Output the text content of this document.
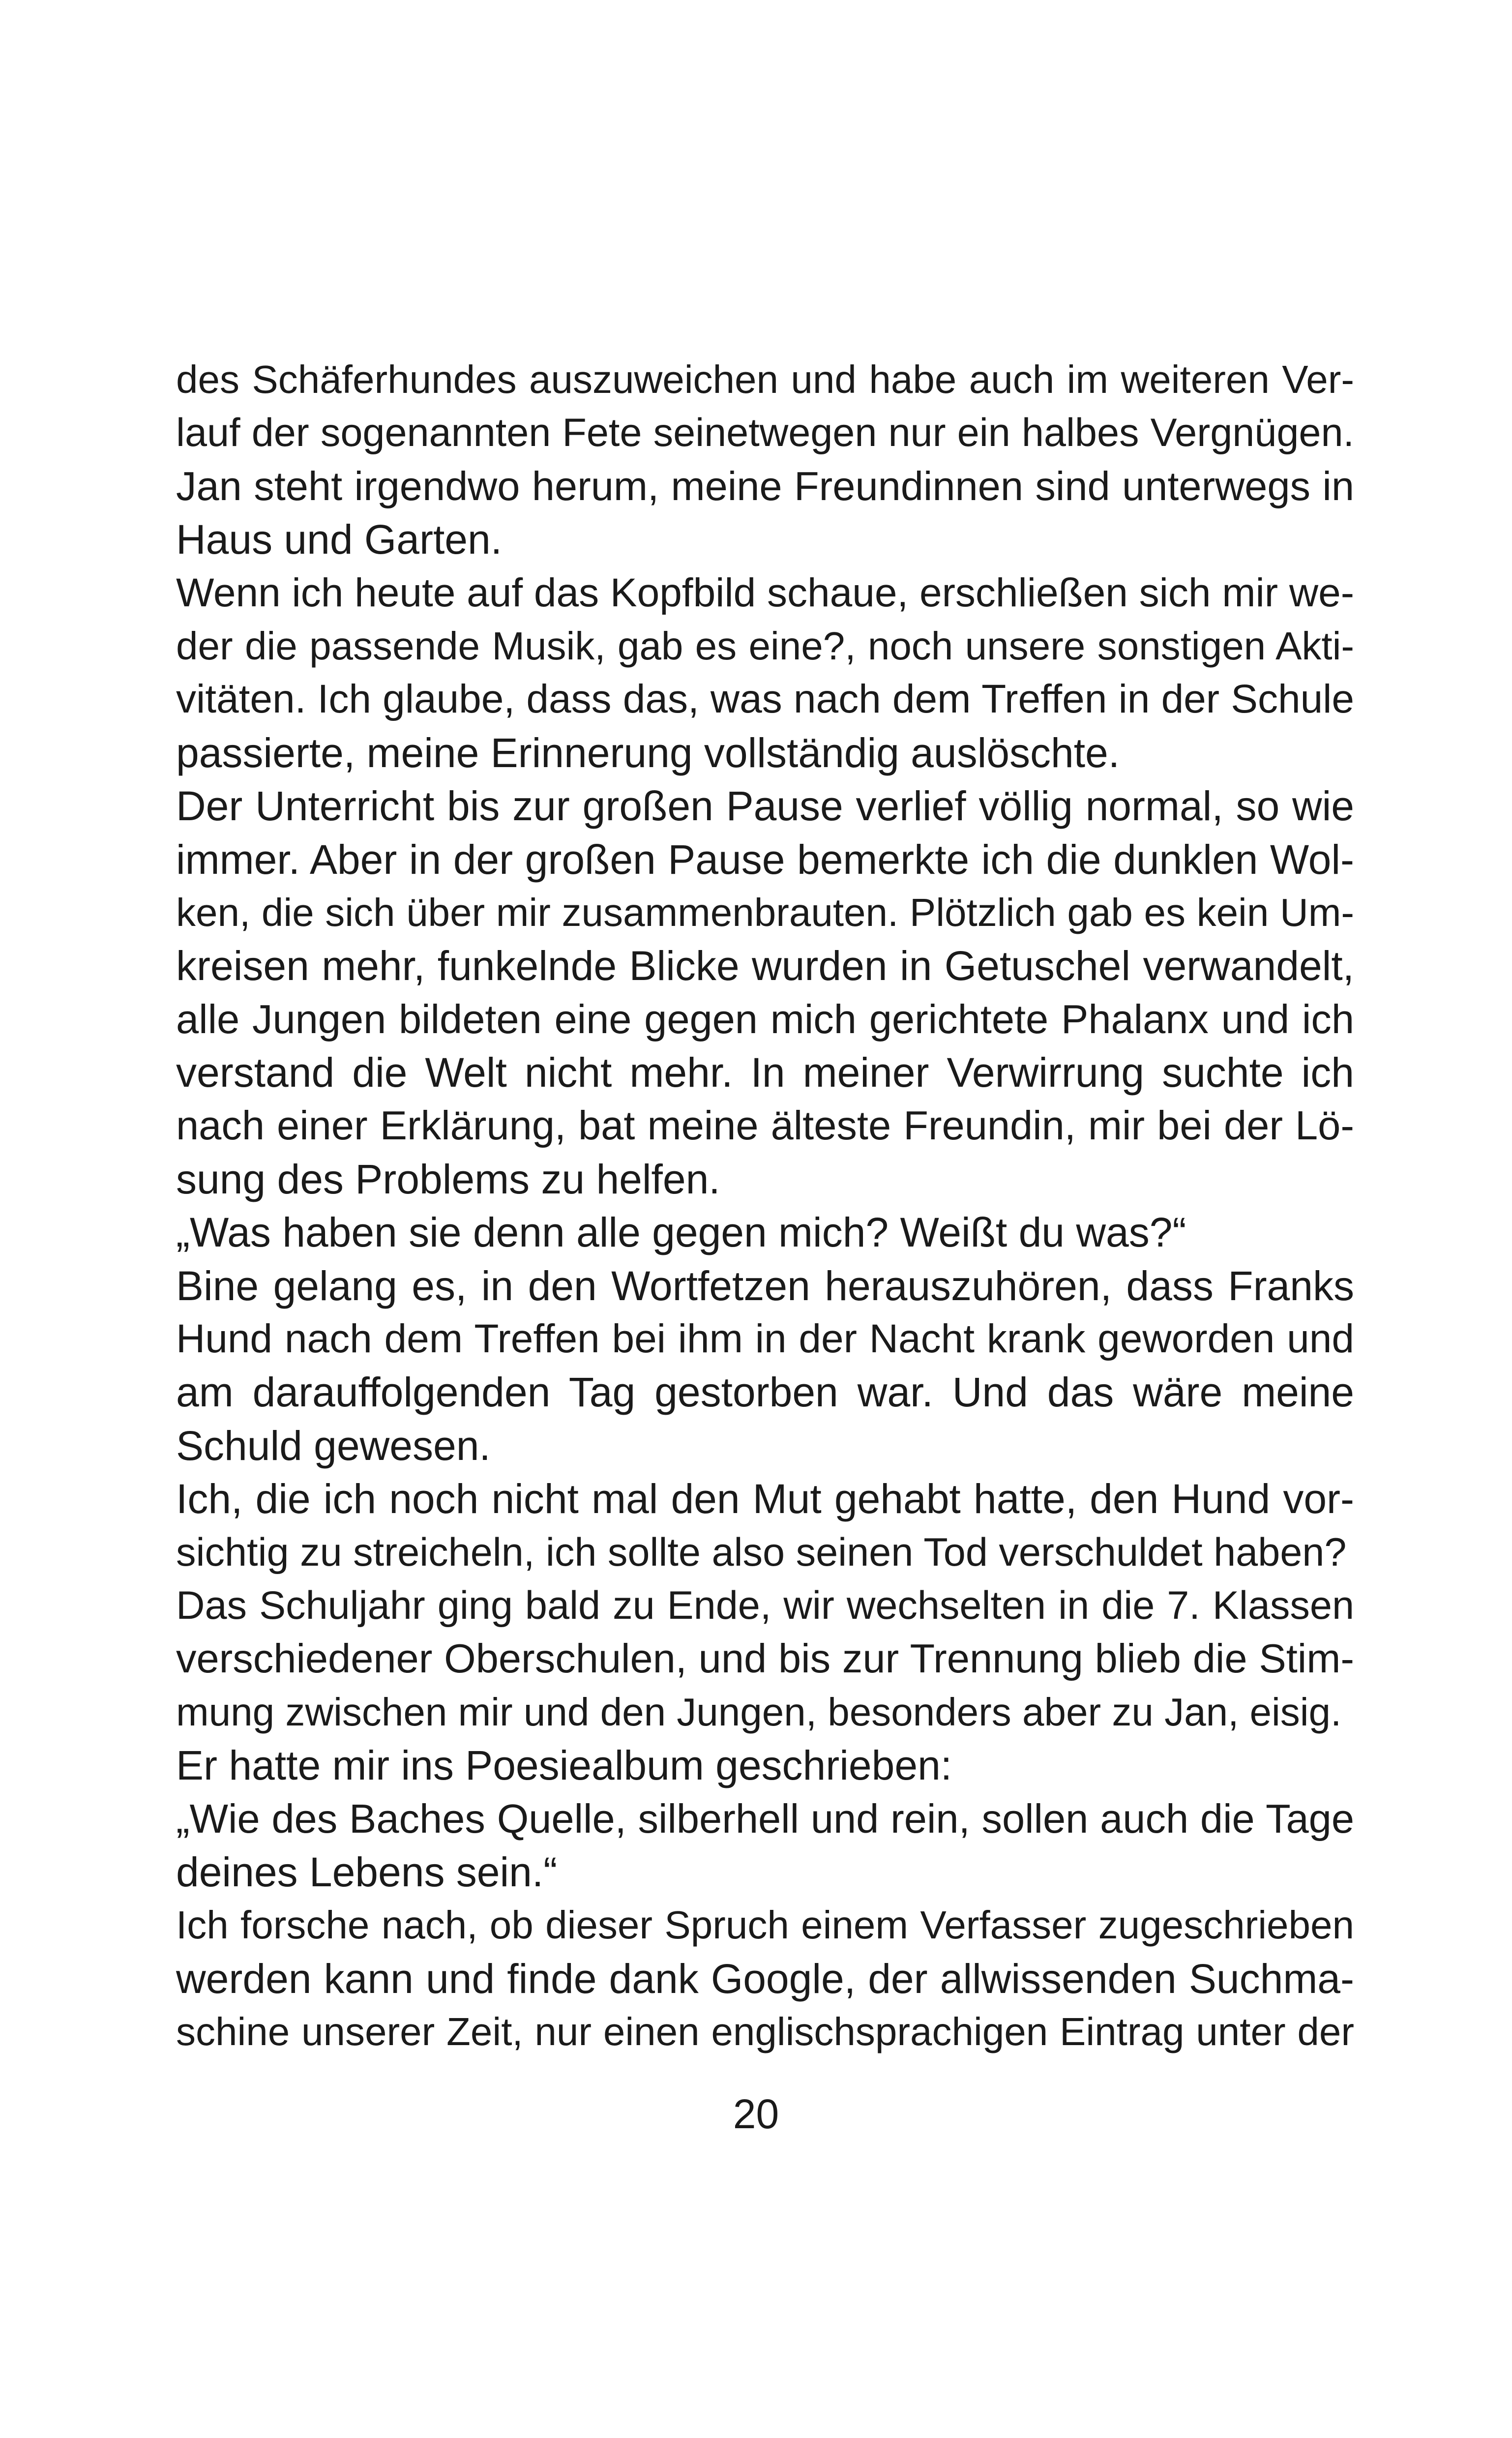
des Schäferhundes auszuweichen und habe auch im weiteren Ver-
lauf der sogenannten Fete seinetwegen nur ein halbes Vergnügen.
Jan steht irgendwo herum, meine Freundinnen sind unterwegs in
Haus und Garten.
Wenn ich heute auf das Kopfbild schaue, erschließen sich mir we-
der die passende Musik, gab es eine?, noch unsere sonstigen Akti-
vitäten. Ich glaube, dass das, was nach dem Treffen in der Schule
passierte, meine Erinnerung vollständig auslöschte.
Der Unterricht bis zur großen Pause verlief völlig normal, so wie
immer. Aber in der großen Pause bemerkte ich die dunklen Wol-
ken, die sich über mir zusammenbrauten. Plötzlich gab es kein Um-
kreisen mehr, funkelnde Blicke wurden in Getuschel verwandelt,
alle Jungen bildeten eine gegen mich gerichtete Phalanx und ich
verstand die Welt nicht mehr. In meiner Verwirrung suchte ich
nach einer Erklärung, bat meine älteste Freundin, mir bei der Lö-
sung des Problems zu helfen.
„Was haben sie denn alle gegen mich? Weißt du was?“
Bine gelang es, in den Wortfetzen herauszuhören, dass Franks
Hund nach dem Treffen bei ihm in der Nacht krank geworden und
am darauffolgenden Tag gestorben war. Und das wäre meine
Schuld gewesen.
Ich, die ich noch nicht mal den Mut gehabt hatte, den Hund vor-
sichtig zu streicheln, ich sollte also seinen Tod verschuldet haben?
Das Schuljahr ging bald zu Ende, wir wechselten in die 7. Klassen
verschiedener Oberschulen, und bis zur Trennung blieb die Stim-
mung zwischen mir und den Jungen, besonders aber zu Jan, eisig.
Er hatte mir ins Poesiealbum geschrieben:
„Wie des Baches Quelle, silberhell und rein, sollen auch die Tage
deines Lebens sein.“
Ich forsche nach, ob dieser Spruch einem Verfasser zugeschrieben
werden kann und finde dank Google, der allwissenden Suchma-
schine unserer Zeit, nur einen englischsprachigen Eintrag unter der
20
